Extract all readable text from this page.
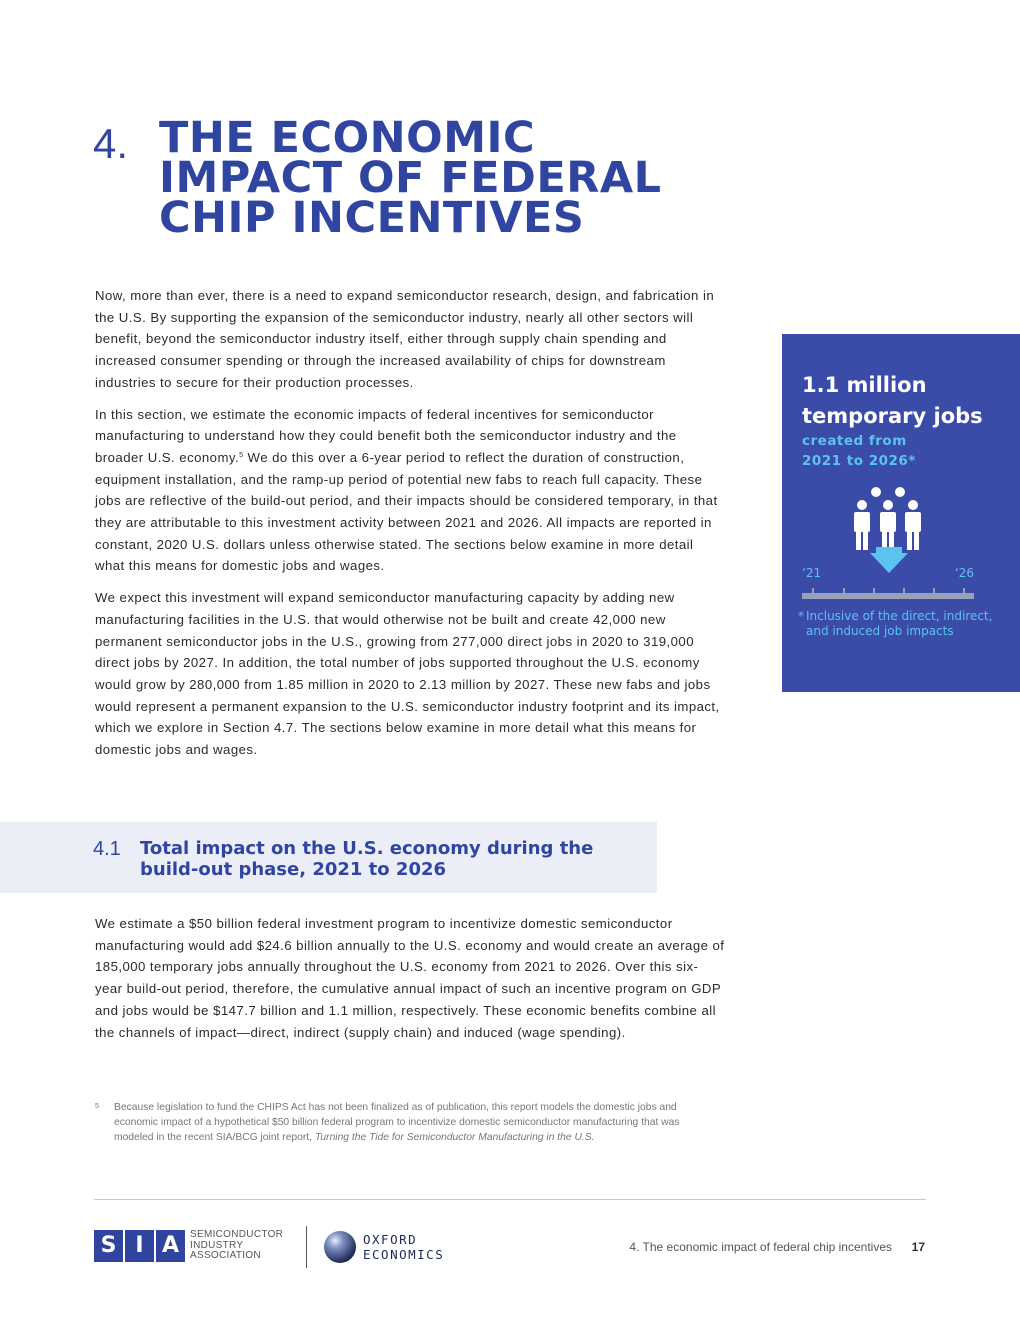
4. THE ECONOMIC
IMPACT OF FEDERAL
CHIP INCENTIVES

Now, more than ever, there is a need to expand semiconductor research, design, and fabrication in the U.S. By supporting the expansion of the semiconductor industry, nearly all other sectors will benefit, beyond the semiconductor industry itself, either through supply chain spending and increased consumer spending or through the increased availability of chips for downstream industries to secure for their production processes.

In this section, we estimate the economic impacts of federal incentives for semiconductor manufacturing to understand how they could benefit both the semiconductor industry and the broader U.S. economy.$^5$ We do this over a 6-year period to reflect the duration of construction, equipment installation, and the ramp-up period of potential new fabs to reach full capacity. These jobs are reflective of the build-out period, and their impacts should be considered temporary, in that they are attributable to this investment activity between 2021 and 2026. All impacts are reported in constant, 2020 U.S. dollars unless otherwise stated. The sections below examine in more detail what this means for domestic jobs and wages.

We expect this investment will expand semiconductor manufacturing capacity by adding new manufacturing facilities in the U.S. that would otherwise not be built and create 42,000 new permanent semiconductor jobs in the U.S., growing from 277,000 direct jobs in 2020 to 319,000 direct jobs by 2027. In addition, the total number of jobs supported throughout the U.S. economy would grow by 280,000 from 1.85 million in 2020 to 2.13 million by 2027. These new fabs and jobs would represent a permanent expansion to the U.S. semiconductor industry footprint and its impact, which we explore in Section 4.7. The sections below examine in more detail what this means for domestic jobs and wages.

1.1 million
temporary jobs
created from
2021 to 2026*
‘21	‘26
* Inclusive of the direct, indirect, and induced job impacts
4.1 Total impact on the U.S. economy during the build-out phase, 2021 to 2026

We estimate a $50 billion federal investment program to incentivize domestic semiconductor manufacturing would add $24.6 billion annually to the U.S. economy and would create an average of 185,000 temporary jobs annually throughout the U.S. economy from 2021 to 2026. Over this six-year build-out period, therefore, the cumulative annual impact of such an incentive program on GDP and jobs would be $147.7 billion and 1.1 million, respectively. These economic benefits combine all the channels of impact—direct, indirect (supply chain) and induced (wage spending).

5	Because legislation to fund the CHIPS Act has not been finalized as of publication, this report models the domestic jobs and economic impact of a hypothetical $50 billion federal program to incentivize domestic semiconductor manufacturing that was modeled in the recent SIA/BCG joint report, Turning the Tide for Semiconductor Manufacturing in the U.S.
S I A	SEMICONDUCTOR
INDUSTRY
ASSOCIATION
OXFORD
ECONOMICS	4. The economic impact of federal chip incentives 17
